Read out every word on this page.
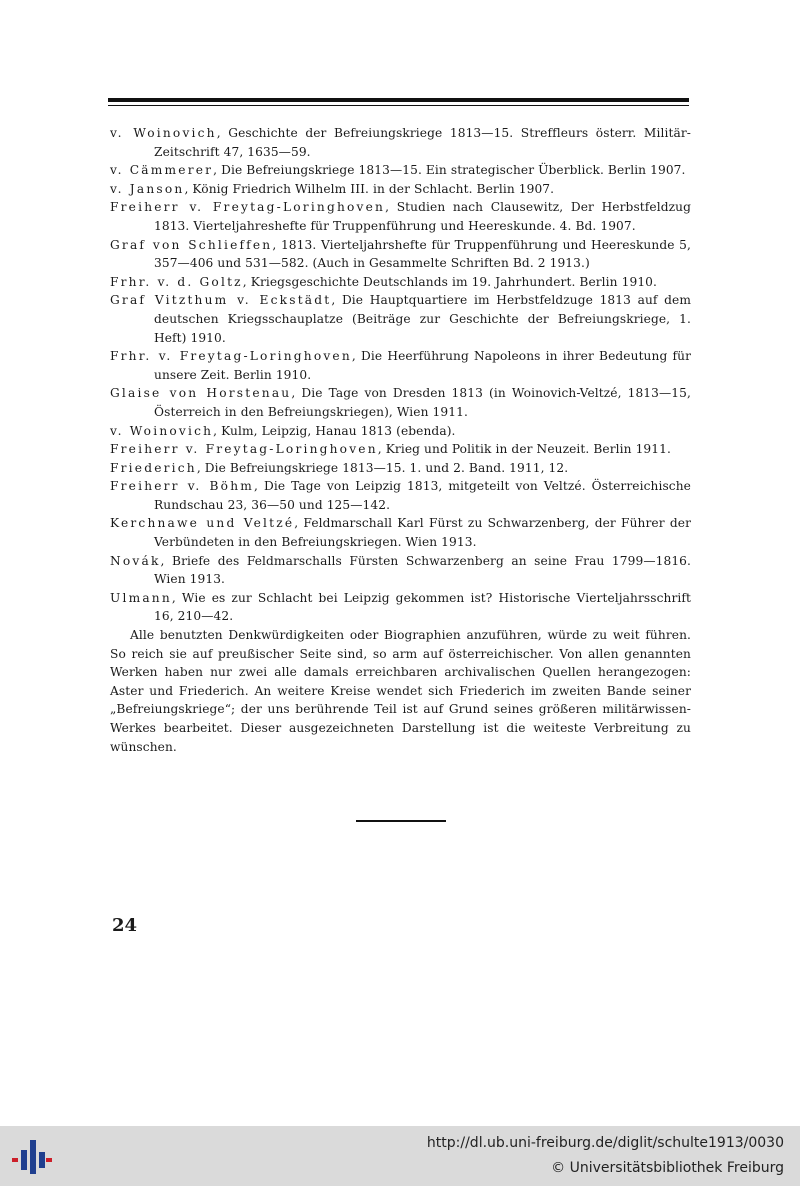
v. Woinovich, Geschichte der Befreiungskriege 1813—15. Streffleurs österr. Militär-Zeitschrift 47, 1635—59.
v. Cämmerer, Die Befreiungskriege 1813—15. Ein strategischer Überblick. Berlin 1907.
v. Janson, König Friedrich Wilhelm III. in der Schlacht. Berlin 1907.
Freiherr v. Freytag-Loringhoven, Studien nach Clausewitz, Der Herbstfeldzug 1813. Vierteljahreshefte für Truppenführung und Heereskunde. 4. Bd. 1907.
Graf von Schlieffen, 1813. Vierteljahrshefte für Truppenführung und Heereskunde 5, 357—406 und 531—582. (Auch in Gesammelte Schriften Bd. 2 1913.)
Frhr. v. d. Goltz, Kriegsgeschichte Deutschlands im 19. Jahrhundert. Berlin 1910.
Graf Vitzthum v. Eckstädt, Die Hauptquartiere im Herbstfeldzuge 1813 auf dem deutschen Kriegsschauplatze (Beiträge zur Geschichte der Befreiungskriege, 1. Heft) 1910.
Frhr. v. Freytag-Loringhoven, Die Heerführung Napoleons in ihrer Bedeutung für unsere Zeit. Berlin 1910.
Glaise von Horstenau, Die Tage von Dresden 1813 (in Woinovich-Veltzé, 1813—15, Österreich in den Befreiungskriegen), Wien 1911.
v. Woinovich, Kulm, Leipzig, Hanau 1813 (ebenda).
Freiherr v. Freytag-Loringhoven, Krieg und Politik in der Neuzeit. Berlin 1911.
Friederich, Die Befreiungskriege 1813—15. 1. und 2. Band. 1911, 12.
Freiherr v. Böhm, Die Tage von Leipzig 1813, mitgeteilt von Veltzé. Österreichische Rundschau 23, 36—50 und 125—142.
Kerchnawe und Veltzé, Feldmarschall Karl Fürst zu Schwarzenberg, der Führer der Verbündeten in den Befreiungskriegen. Wien 1913.
Novák, Briefe des Feldmarschalls Fürsten Schwarzenberg an seine Frau 1799—1816. Wien 1913.
Ulmann, Wie es zur Schlacht bei Leipzig gekommen ist? Historische Vierteljahrsschrift 16, 210—42.

Alle benutzten Denkwürdigkeiten oder Biographien anzuführen, würde zu weit führen. So reich sie auf preußischer Seite sind, so arm auf österreichischer. Von allen genannten Werken haben nur zwei alle damals erreichbaren archivalischen Quellen herangezogen: Aster und Friederich. An weitere Kreise wendet sich Friederich im zweiten Bande seiner „Befreiungskriege“; der uns berührende Teil ist auf Grund seines größeren militärwissen-Werkes bearbeitet. Dieser ausgezeichneten Darstellung ist die weiteste Verbreitung zu wünschen.

24
http://dl.ub.uni-freiburg.de/diglit/schulte1913/0030
© Universitätsbibliothek Freiburg
